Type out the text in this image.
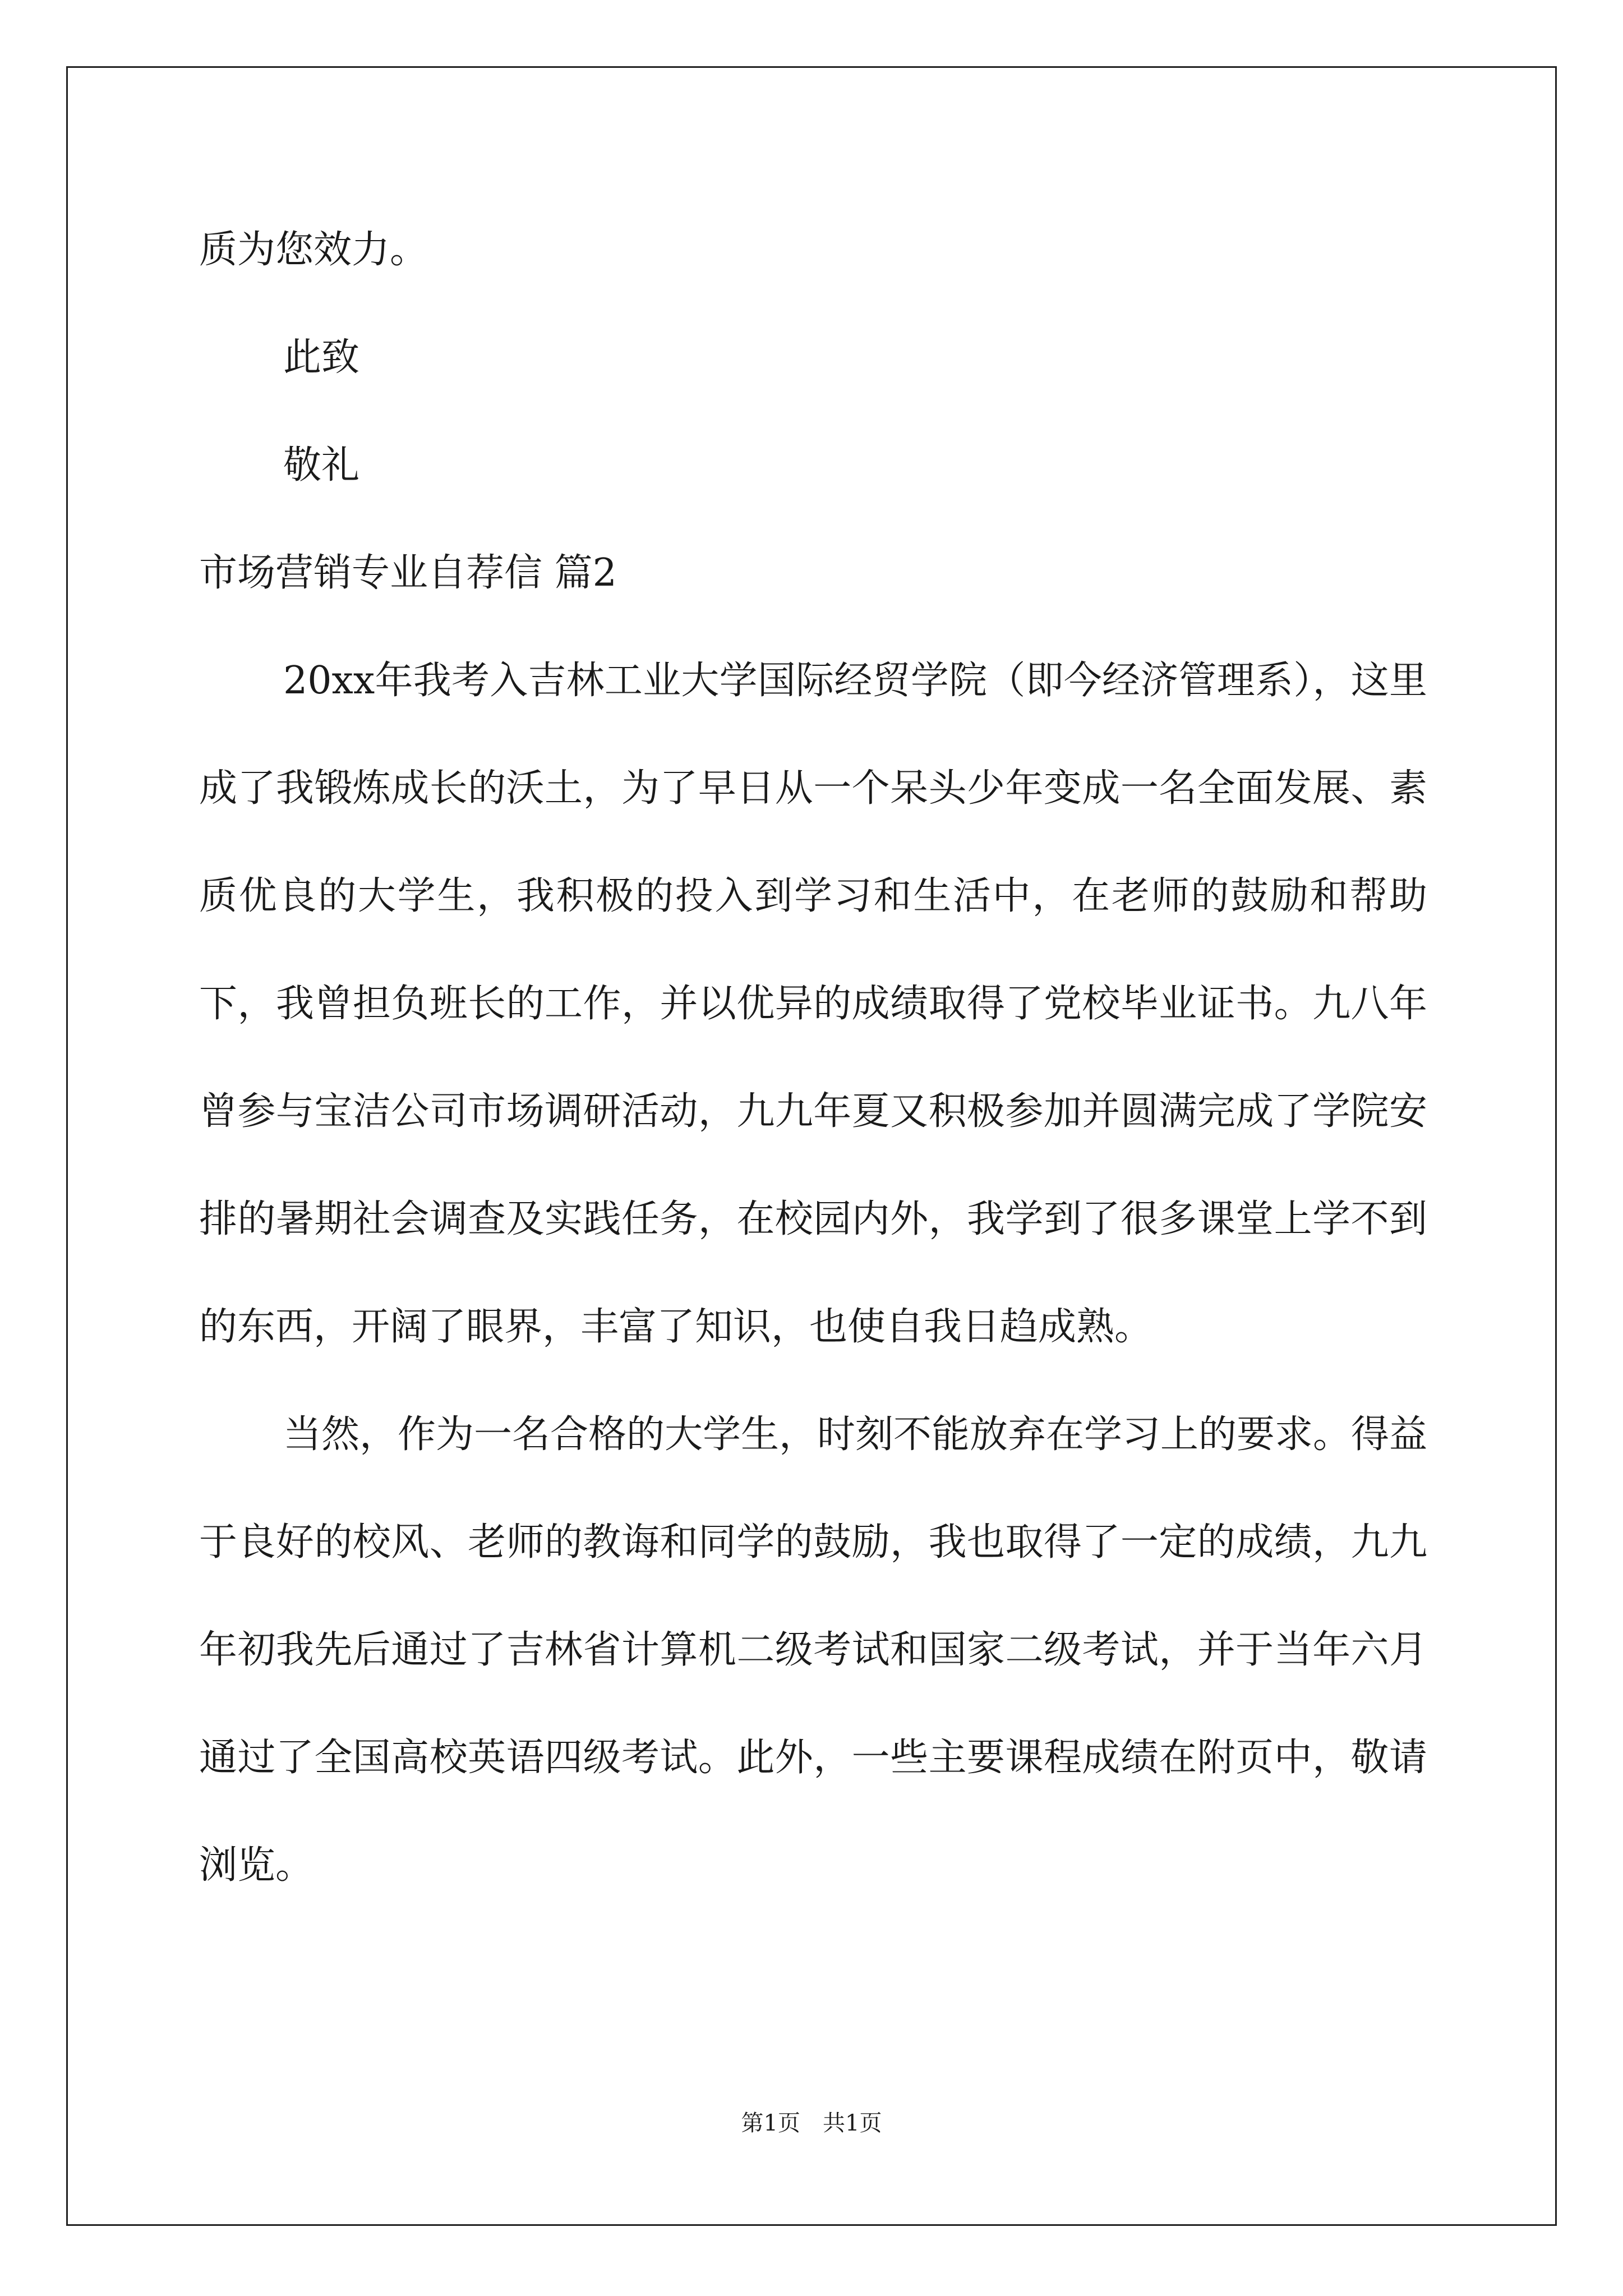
质为您效力。
此致
敬礼
市场营销专业自荐信 篇2

20xx年我考入吉林工业大学国际经贸学院（即今经济管理系），这里成了我锻炼成长的沃土，为了早日从一个呆头少年变成一名全面发展、素质优良的大学生，我积极的投入到学习和生活中，在老师的鼓励和帮助下，我曾担负班长的工作，并以优异的成绩取得了党校毕业证书。九八年曾参与宝洁公司市场调研活动，九九年夏又积极参加并圆满完成了学院安排的暑期社会调查及实践任务，在校园内外，我学到了很多课堂上学不到的东西，开阔了眼界，丰富了知识，也使自我日趋成熟。

当然，作为一名合格的大学生，时刻不能放弃在学习上的要求。得益于良好的校风、老师的教诲和同学的鼓励，我也取得了一定的成绩，九九年初我先后通过了吉林省计算机二级考试和国家二级考试，并于当年六月通过了全国高校英语四级考试。此外，一些主要课程成绩在附页中，敬请浏览。

第1页　共1页
